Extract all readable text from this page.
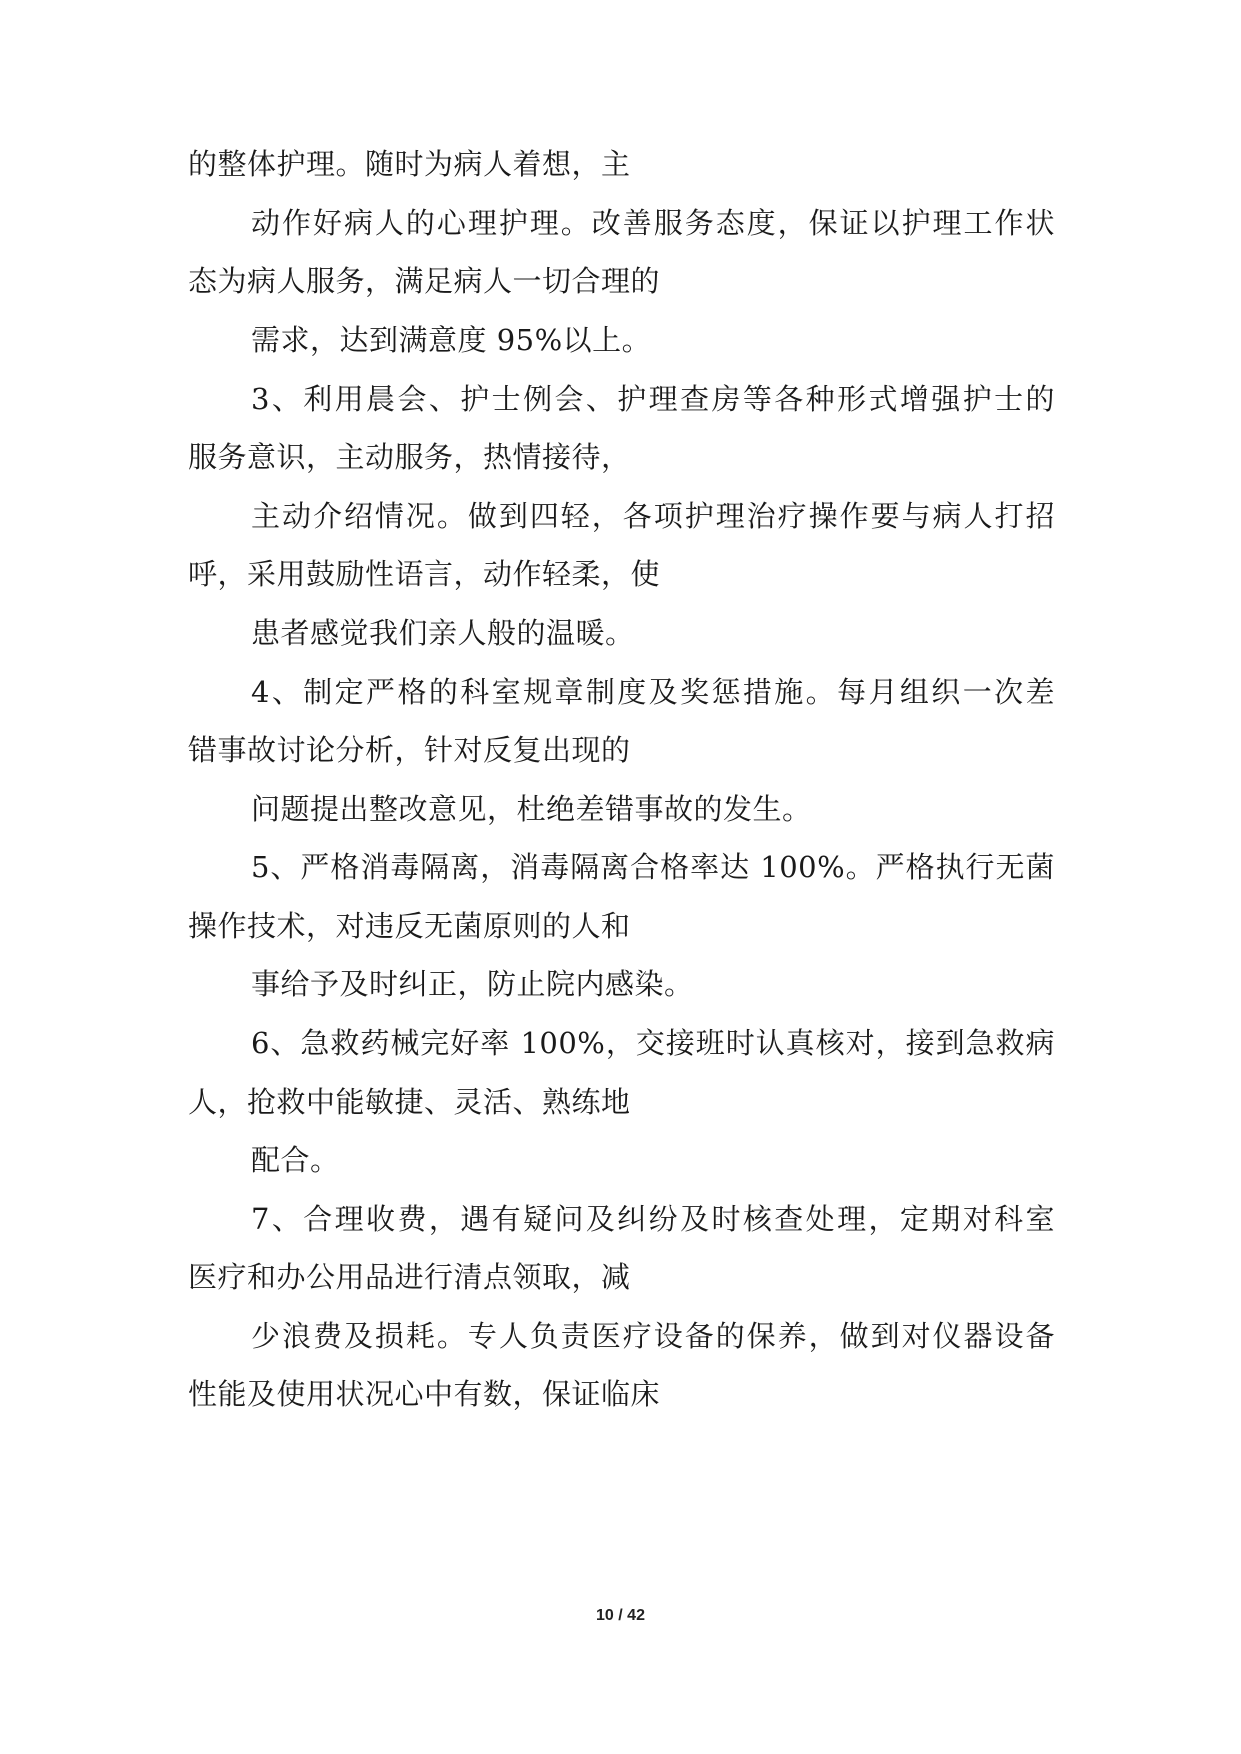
的整体护理。随时为病人着想，主
动作好病人的心理护理。改善服务态度，保证以护理工作状
态为病人服务，满足病人一切合理的
需求，达到满意度 95%以上。
3、利用晨会、护士例会、护理查房等各种形式增强护士的
服务意识，主动服务，热情接待，
主动介绍情况。做到四轻，各项护理治疗操作要与病人打招
呼，采用鼓励性语言，动作轻柔，使
患者感觉我们亲人般的温暖。
4、制定严格的科室规章制度及奖惩措施。每月组织一次差
错事故讨论分析，针对反复出现的
问题提出整改意见，杜绝差错事故的发生。
5、严格消毒隔离，消毒隔离合格率达 100%。严格执行无菌
操作技术，对违反无菌原则的人和
事给予及时纠正，防止院内感染。
6、急救药械完好率 100%，交接班时认真核对，接到急救病
人，抢救中能敏捷、灵活、熟练地
配合。
7、合理收费，遇有疑问及纠纷及时核查处理，定期对科室
医疗和办公用品进行清点领取，减
少浪费及损耗。专人负责医疗设备的保养，做到对仪器设备
性能及使用状况心中有数，保证临床
10 / 42
